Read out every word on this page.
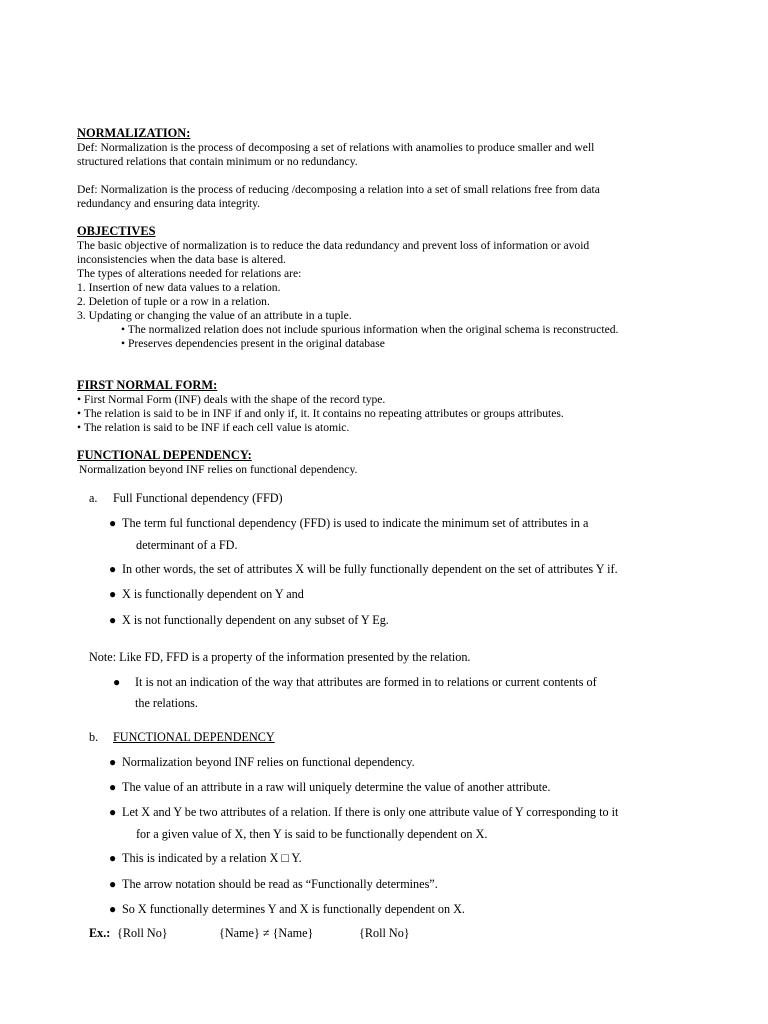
NORMALIZATION:
Def: Normalization is the process of decomposing a set of relations with anamolies to produce smaller and well
structured relations that contain minimum or no redundancy.
Def: Normalization is the process of reducing /decomposing a relation into a set of small relations free from data
redundancy and ensuring data integrity.
OBJECTIVES
The basic objective of normalization is to reduce the data redundancy and prevent loss of information or avoid
inconsistencies when the data base is altered.
The types of alterations needed for relations are:
1. Insertion of new data values to a relation.
2. Deletion of tuple or a row in a relation.
3. Updating or changing the value of an attribute in a tuple.
• The normalized relation does not include spurious information when the original schema is reconstructed.
• Preserves dependencies present in the original database
FIRST NORMAL FORM:
• First Normal Form (INF) deals with the shape of the record type.
• The relation is said to be in INF if and only if, it. It contains no repeating attributes or groups attributes.
• The relation is said to be INF if each cell value is atomic.
FUNCTIONAL DEPENDENCY:
Normalization beyond INF relies on functional dependency.
a. Full Functional dependency (FFD)
● The term ful functional dependency (FFD) is used to indicate the minimum set of attributes in a
determinant of a FD.
● In other words, the set of attributes X will be fully functionally dependent on the set of attributes Y if.
● X is functionally dependent on Y and
● X is not functionally dependent on any subset of Y Eg.
Note: Like FD, FFD is a property of the information presented by the relation.
● It is not an indication of the way that attributes are formed in to relations or current contents of
the relations.
b. FUNCTIONAL DEPENDENCY
● Normalization beyond INF relies on functional dependency.
● The value of an attribute in a raw will uniquely determine the value of another attribute.
● Let X and Y be two attributes of a relation. If there is only one attribute value of Y corresponding to it
for a given value of X, then Y is said to be functionally dependent on X.
● This is indicated by a relation X □ Y.
● The arrow notation should be read as “Functionally determines”.
● So X functionally determines Y and X is functionally dependent on X.
Ex.: {Roll No}	{Name} ≠ {Name}	{Roll No}
